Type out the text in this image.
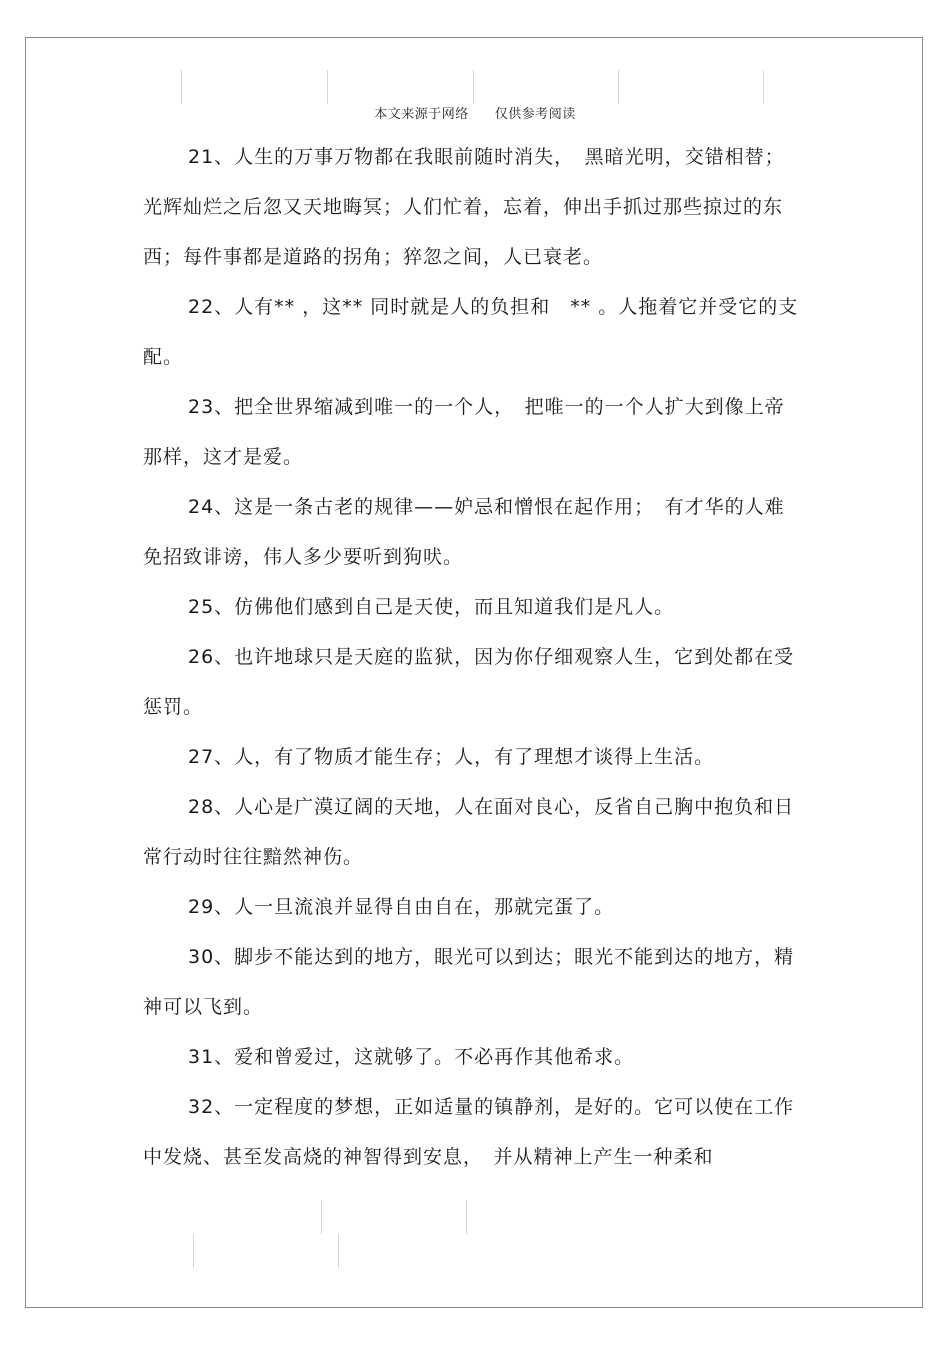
本文来源于网络 仅供参考阅读

21、人生的万事万物都在我眼前随时消失，　黑暗光明，交错相替；光辉灿烂之后忽又天地晦冥；人们忙着，忘着，伸出手抓过那些掠过的东西；每件事都是道路的拐角；猝忽之间，人已衰老。

22、人有** ，这** 同时就是人的负担和　** 。人拖着它并受它的支配。

23、把全世界缩减到唯一的一个人，　把唯一的一个人扩大到像上帝那样，这才是爱。

24、这是一条古老的规律——妒忌和憎恨在起作用；　有才华的人难免招致诽谤，伟人多少要听到狗吠。

25、仿佛他们感到自己是天使，而且知道我们是凡人。

26、也许地球只是天庭的监狱，因为你仔细观察人生，它到处都在受惩罚。

27、人，有了物质才能生存；人，有了理想才谈得上生活。

28、人心是广漠辽阔的天地，人在面对良心，反省自己胸中抱负和日常行动时往往黯然神伤。

29、人一旦流浪并显得自由自在，那就完蛋了。

30、脚步不能达到的地方，眼光可以到达；眼光不能到达的地方，精神可以飞到。

31、爱和曾爱过，这就够了。不必再作其他希求。

32、一定程度的梦想，正如适量的镇静剂，是好的。它可以使在工作中发烧、甚至发高烧的神智得到安息，　并从精神上产生一种柔和
